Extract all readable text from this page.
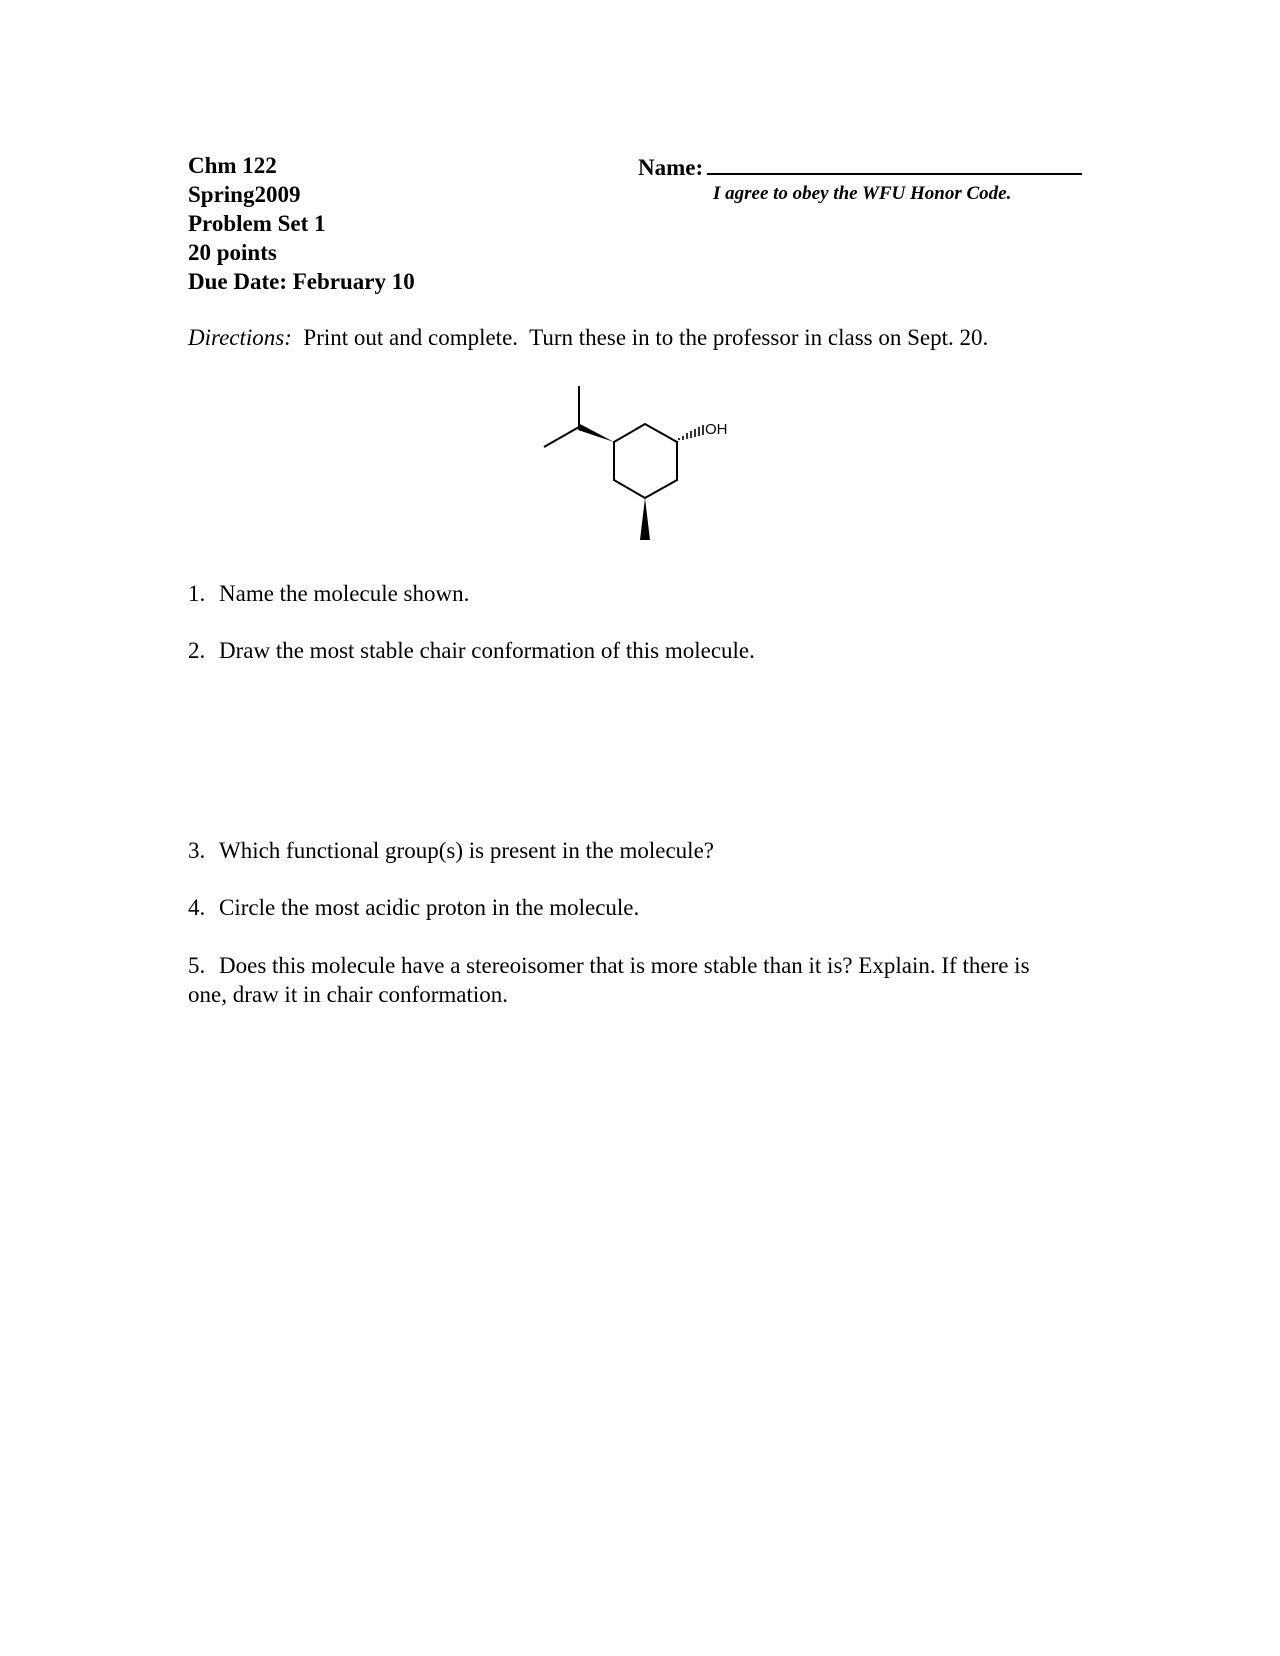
Chm 122
Spring2009
Problem Set 1
20 points
Due Date: February 10
Name:
I agree to obey the WFU Honor Code.
Directions:  Print out and complete.  Turn these in to the professor in class on Sept. 20.
OH
1. Name the molecule shown.
2. Draw the most stable chair conformation of this molecule.
3. Which functional group(s) is present in the molecule?
4. Circle the most acidic proton in the molecule.
5. Does this molecule have a stereoisomer that is more stable than it is? Explain. If there is one, draw it in chair conformation.
